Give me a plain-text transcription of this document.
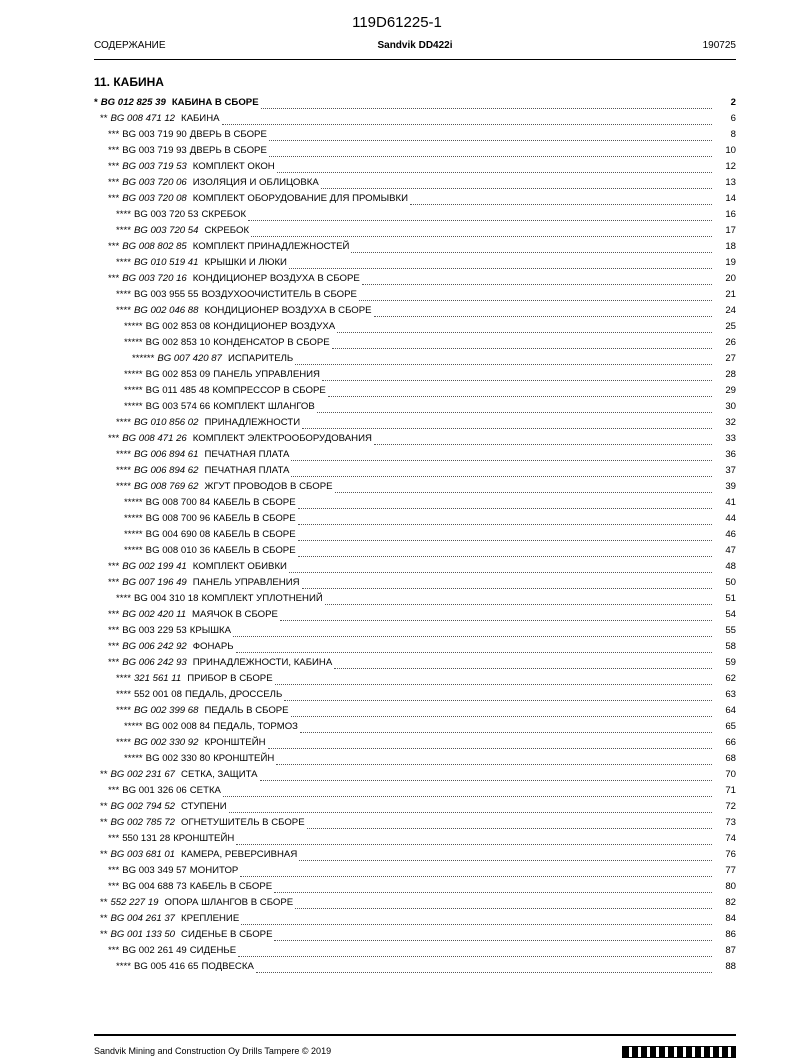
119D61225-1
СОДЕРЖАНИЕ	Sandvik DD422i	190725
11. КАБИНА
* BG 012 825 39 КАБИНА В СБОРЕ	2
** BG 008 471 12 КАБИНА	6
*** BG 003 719 90 ДВЕРЬ В СБОРЕ	8
*** BG 003 719 93 ДВЕРЬ В СБОРЕ	10
*** BG 003 719 53 КОМПЛЕКТ ОКОН	12
*** BG 003 720 06 ИЗОЛЯЦИЯ И ОБЛИЦОВКА	13
*** BG 003 720 08 КОМПЛЕКТ ОБОРУДОВАНИЕ ДЛЯ ПРОМЫВКИ	14
**** BG 003 720 53 СКРЕБОК	16
**** BG 003 720 54 СКРЕБОК	17
*** BG 008 802 85 КОМПЛЕКТ ПРИНАДЛЕЖНОСТЕЙ	18
**** BG 010 519 41 КРЫШКИ И ЛЮКИ	19
*** BG 003 720 16 КОНДИЦИОНЕР ВОЗДУХА В СБОРЕ	20
**** BG 003 955 55 ВОЗДУХООЧИСТИТЕЛЬ В СБОРЕ	21
**** BG 002 046 88 КОНДИЦИОНЕР ВОЗДУХА В СБОРЕ	24
***** BG 002 853 08 КОНДИЦИОНЕР ВОЗДУХА	25
***** BG 002 853 10 КОНДЕНСАТОР В СБОРЕ	26
****** BG 007 420 87 ИСПАРИТЕЛЬ	27
***** BG 002 853 09 ПАНЕЛЬ УПРАВЛЕНИЯ	28
***** BG 011 485 48 КОМПРЕССОР В СБОРЕ	29
***** BG 003 574 66 КОМПЛЕКТ ШЛАНГОВ	30
**** BG 010 856 02 ПРИНАДЛЕЖНОСТИ	32
*** BG 008 471 26 КОМПЛЕКТ ЭЛЕКТРООБОРУДОВАНИЯ	33
**** BG 006 894 61 ПЕЧАТНАЯ ПЛАТА	36
**** BG 006 894 62 ПЕЧАТНАЯ ПЛАТА	37
**** BG 008 769 62 ЖГУТ ПРОВОДОВ В СБОРЕ	39
***** BG 008 700 84 КАБЕЛЬ В СБОРЕ	41
***** BG 008 700 96 КАБЕЛЬ В СБОРЕ	44
***** BG 004 690 08 КАБЕЛЬ В СБОРЕ	46
***** BG 008 010 36 КАБЕЛЬ В СБОРЕ	47
*** BG 002 199 41 КОМПЛЕКТ ОБИВКИ	48
*** BG 007 196 49 ПАНЕЛЬ УПРАВЛЕНИЯ	50
**** BG 004 310 18 КОМПЛЕКТ УПЛОТНЕНИЙ	51
*** BG 002 420 11 МАЯЧОК В СБОРЕ	54
*** BG 003 229 53 КРЫШКА	55
*** BG 006 242 92 ФОНАРЬ	58
*** BG 006 242 93 ПРИНАДЛЕЖНОСТИ, КАБИНА	59
**** 321 561 11 ПРИБОР В СБОРЕ	62
**** 552 001 08 ПЕДАЛЬ, ДРОССЕЛЬ	63
**** BG 002 399 68 ПЕДАЛЬ В СБОРЕ	64
***** BG 002 008 84 ПЕДАЛЬ, ТОРМОЗ	65
**** BG 002 330 92 КРОНШТЕЙН	66
***** BG 002 330 80 КРОНШТЕЙН	68
** BG 002 231 67 СЕТКА, ЗАЩИТА	70
*** BG 001 326 06 СЕТКА	71
** BG 002 794 52 СТУПЕНИ	72
** BG 002 785 72 ОГНЕТУШИТЕЛЬ В СБОРЕ	73
*** 550 131 28 КРОНШТЕЙН	74
** BG 003 681 01 КАМЕРА, РЕВЕРСИВНАЯ	76
*** BG 003 349 57 МОНИТОР	77
*** BG 004 688 73 КАБЕЛЬ В СБОРЕ	80
** 552 227 19 ОПОРА ШЛАНГОВ В СБОРЕ	82
** BG 004 261 37 КРЕПЛЕНИЕ	84
** BG 001 133 50 СИДЕНЬЕ В СБОРЕ	86
*** BG 002 261 49 СИДЕНЬЕ	87
**** BG 005 416 65 ПОДВЕСКА	88
Sandvik Mining and Construction Oy Drills Tampere © 2019
